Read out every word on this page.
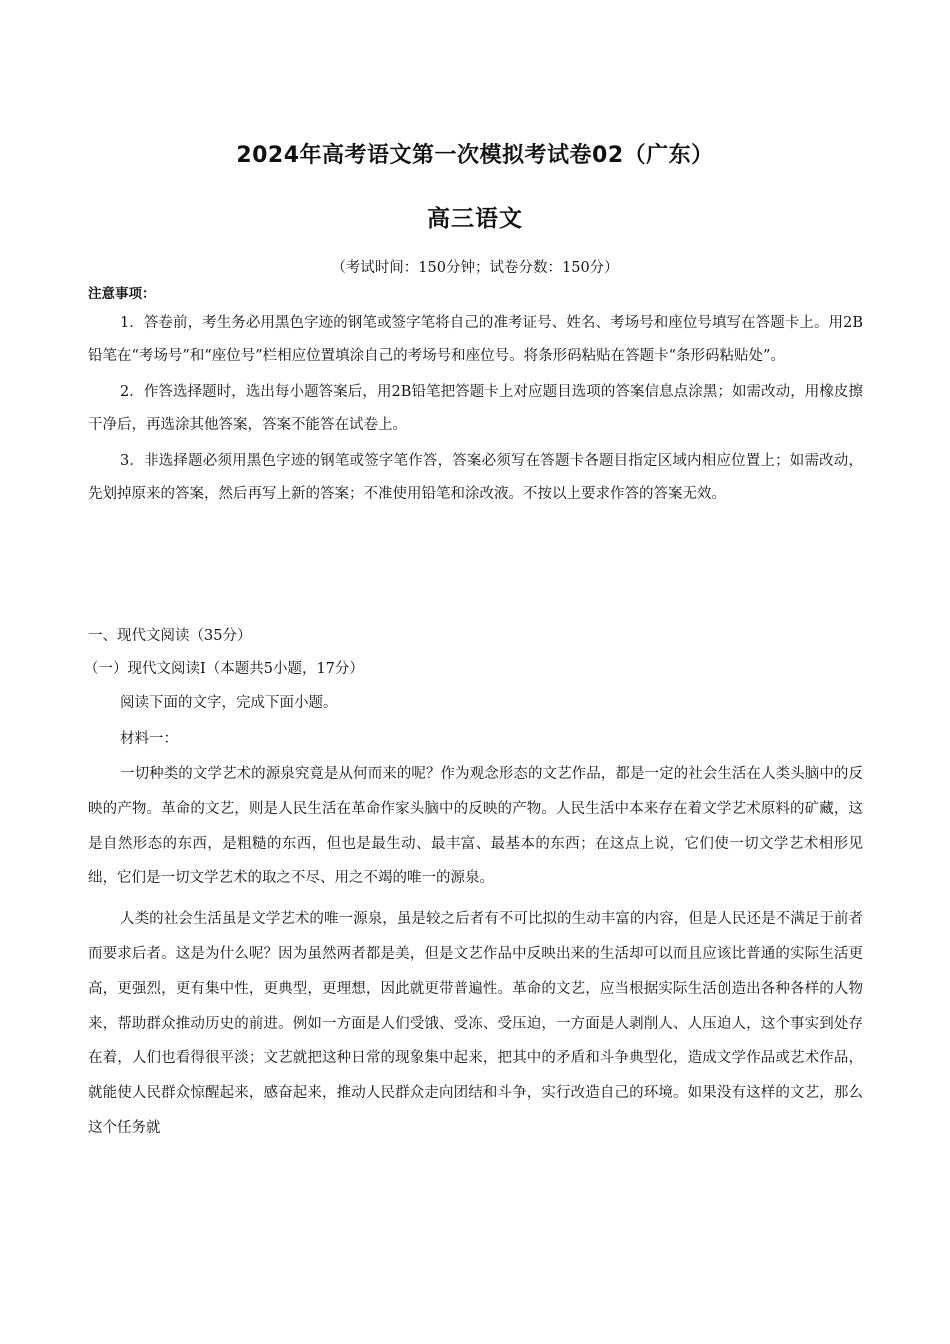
2024年高考语文第一次模拟考试卷02（广东）
高三语文
（考试时间：150分钟；试卷分数：150分）
注意事项：

1．答卷前，考生务必用黑色字迹的钢笔或签字笔将自己的准考证号、姓名、考场号和座位号填写在答题卡上。用2B铅笔在“考场号”和“座位号”栏相应位置填涂自己的考场号和座位号。将条形码粘贴在答题卡“条形码粘贴处”。

2．作答选择题时，选出每小题答案后，用2B铅笔把答题卡上对应题目选项的答案信息点涂黑；如需改动，用橡皮擦干净后，再选涂其他答案，答案不能答在试卷上。

3．非选择题必须用黑色字迹的钢笔或签字笔作答，答案必须写在答题卡各题目指定区域内相应位置上；如需改动，先划掉原来的答案，然后再写上新的答案；不准使用铅笔和涂改液。不按以上要求作答的答案无效。

一、现代文阅读（35分）
（一）现代文阅读Ⅰ（本题共5小题，17分）
阅读下面的文字，完成下面小题。
材料一：

一切种类的文学艺术的源泉究竟是从何而来的呢？作为观念形态的文艺作品，都是一定的社会生活在人类头脑中的反映的产物。革命的文艺，则是人民生活在革命作家头脑中的反映的产物。人民生活中本来存在着文学艺术原料的矿藏，这是自然形态的东西，是粗糙的东西，但也是最生动、最丰富、最基本的东西；在这点上说，它们使一切文学艺术相形见绌，它们是一切文学艺术的取之不尽、用之不竭的唯一的源泉。

人类的社会生活虽是文学艺术的唯一源泉，虽是较之后者有不可比拟的生动丰富的内容，但是人民还是不满足于前者而要求后者。这是为什么呢？因为虽然两者都是美，但是文艺作品中反映出来的生活却可以而且应该比普通的实际生活更高，更强烈，更有集中性，更典型，更理想，因此就更带普遍性。革命的文艺，应当根据实际生活创造出各种各样的人物来，帮助群众推动历史的前进。例如一方面是人们受饿、受冻、受压迫，一方面是人剥削人、人压迫人，这个事实到处存在着，人们也看得很平淡；文艺就把这种日常的现象集中起来，把其中的矛盾和斗争典型化，造成文学作品或艺术作品，就能使人民群众惊醒起来，感奋起来，推动人民群众走向团结和斗争，实行改造自己的环境。如果没有这样的文艺，那么这个任务就
